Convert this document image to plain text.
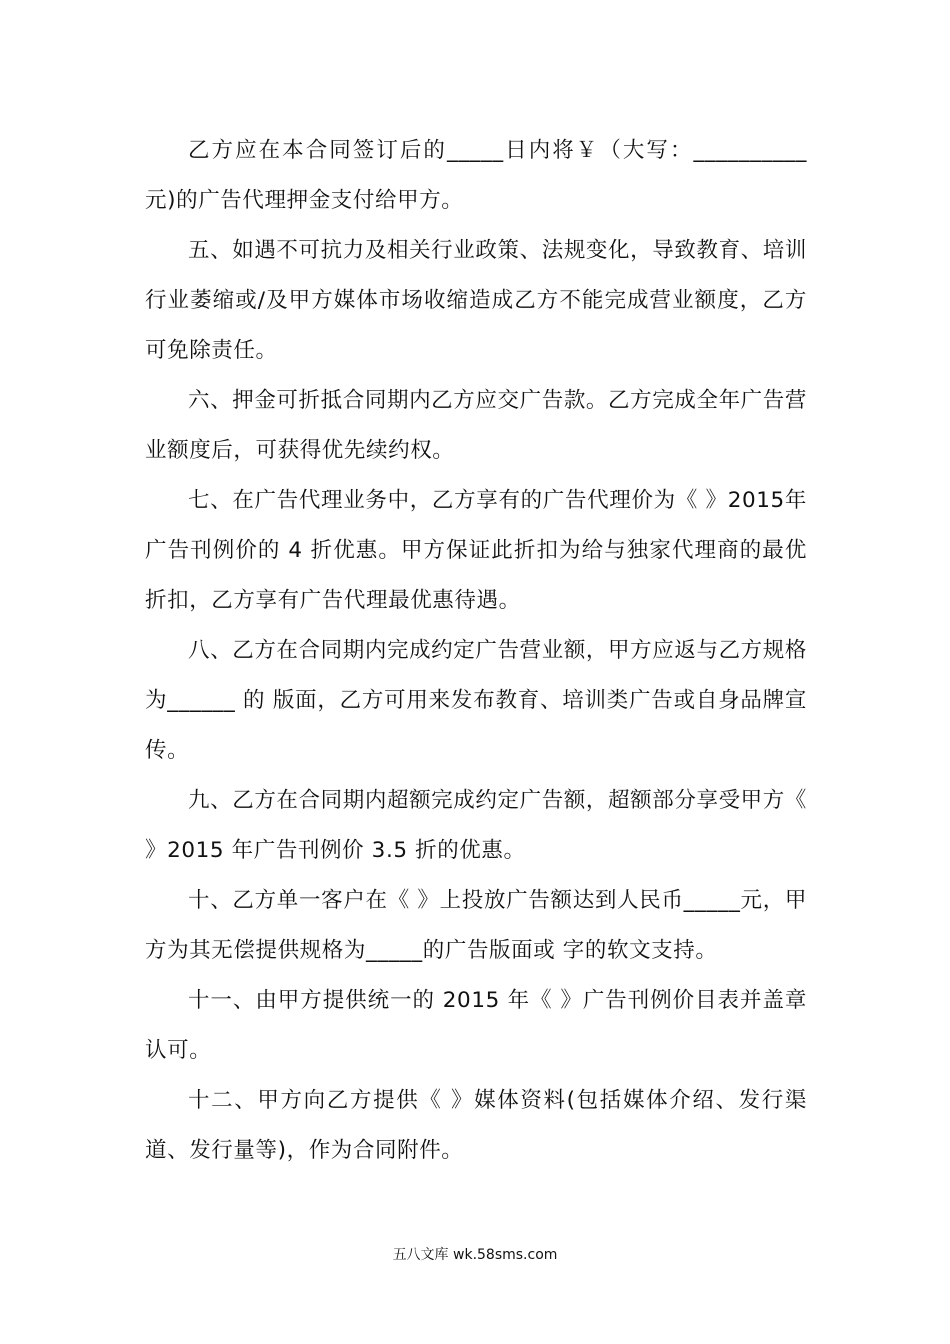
乙方应在本合同签订后的_____日内将￥（大写：__________元)的广告代理押金支付给甲方。

五、如遇不可抗力及相关行业政策、法规变化，导致教育、培训行业萎缩或/及甲方媒体市场收缩造成乙方不能完成营业额度，乙方可免除责任。

六、押金可折抵合同期内乙方应交广告款。乙方完成全年广告营业额度后，可获得优先续约权。

七、在广告代理业务中，乙方享有的广告代理价为《 》2015年广告刊例价的 4 折优惠。甲方保证此折扣为给与独家代理商的最优折扣，乙方享有广告代理最优惠待遇。

八、乙方在合同期内完成约定广告营业额，甲方应返与乙方规格为______ 的 版面，乙方可用来发布教育、培训类广告或自身品牌宣传。

九、乙方在合同期内超额完成约定广告额，超额部分享受甲方《 》2015 年广告刊例价 3.5 折的优惠。

十、乙方单一客户在《 》上投放广告额达到人民币_____元，甲方为其无偿提供规格为_____的广告版面或 字的软文支持。

十一、由甲方提供统一的 2015 年《 》广告刊例价目表并盖章认可。

十二、甲方向乙方提供《 》媒体资料(包括媒体介绍、发行渠道、发行量等)，作为合同附件。

五八文库 wk.58sms.com
